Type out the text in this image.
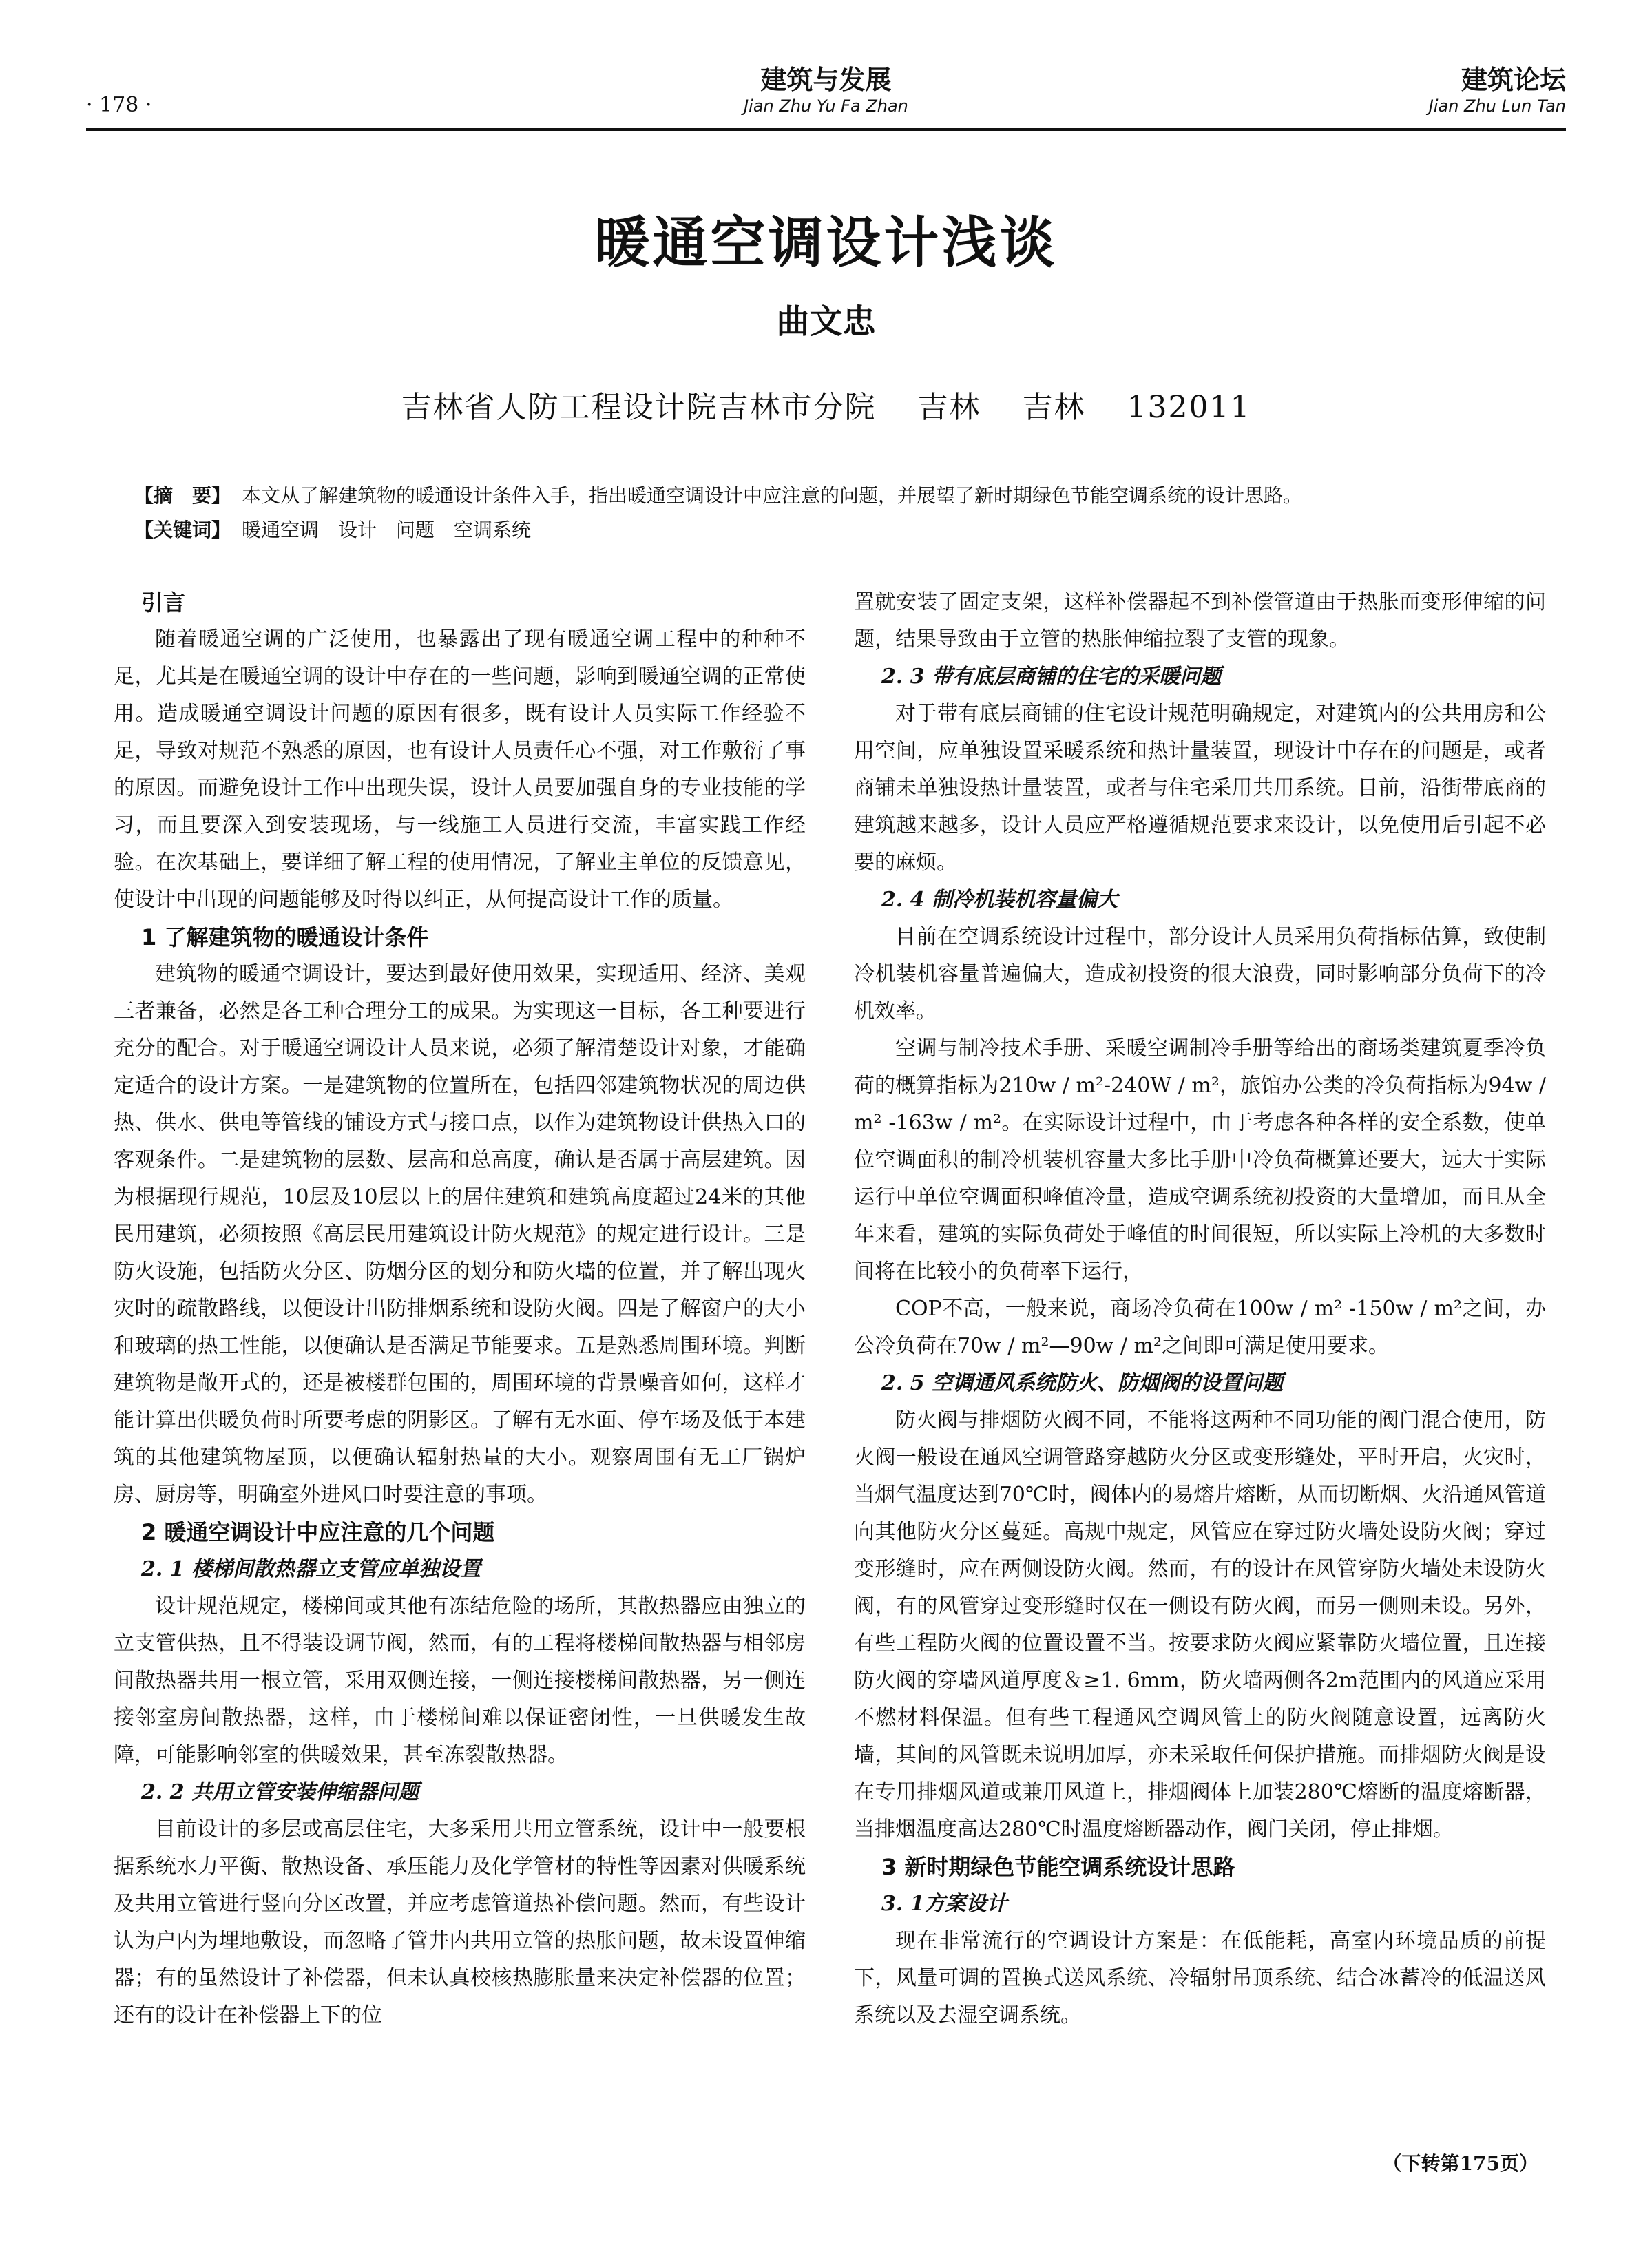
· 178 ·
建筑与发展
Jian Zhu Yu Fa Zhan
建筑论坛
Jian Zhu Lun Tan
暖通空调设计浅谈
曲文忠
吉林省人防工程设计院吉林市分院 吉林 吉林 132011
【摘　要】 本文从了解建筑物的暖通设计条件入手，指出暖通空调设计中应注意的问题，并展望了新时期绿色节能空调系统的设计思路。
【关键词】 暖通空调　设计　问题　空调系统
引言

随着暖通空调的广泛使用，也暴露出了现有暖通空调工程中的种种不足，尤其是在暖通空调的设计中存在的一些问题，影响到暖通空调的正常使用。造成暖通空调设计问题的原因有很多，既有设计人员实际工作经验不足，导致对规范不熟悉的原因，也有设计人员责任心不强，对工作敷衍了事的原因。而避免设计工作中出现失误，设计人员要加强自身的专业技能的学习，而且要深入到安装现场，与一线施工人员进行交流，丰富实践工作经验。在次基础上，要详细了解工程的使用情况，了解业主单位的反馈意见，使设计中出现的问题能够及时得以纠正，从何提高设计工作的质量。

1 了解建筑物的暖通设计条件

建筑物的暖通空调设计，要达到最好使用效果，实现适用、经济、美观三者兼备，必然是各工种合理分工的成果。为实现这一目标，各工种要进行充分的配合。对于暖通空调设计人员来说，必须了解清楚设计对象，才能确定适合的设计方案。一是建筑物的位置所在，包括四邻建筑物状况的周边供热、供水、供电等管线的铺设方式与接口点，以作为建筑物设计供热入口的客观条件。二是建筑物的层数、层高和总高度，确认是否属于高层建筑。因为根据现行规范，10层及10层以上的居住建筑和建筑高度超过24米的其他民用建筑，必须按照《高层民用建筑设计防火规范》的规定进行设计。三是防火设施，包括防火分区、防烟分区的划分和防火墙的位置，并了解出现火灾时的疏散路线，以便设计出防排烟系统和设防火阀。四是了解窗户的大小和玻璃的热工性能，以便确认是否满足节能要求。五是熟悉周围环境。判断建筑物是敞开式的，还是被楼群包围的，周围环境的背景噪音如何，这样才能计算出供暖负荷时所要考虑的阴影区。了解有无水面、停车场及低于本建筑的其他建筑物屋顶，以便确认辐射热量的大小。观察周围有无工厂锅炉房、厨房等，明确室外进风口时要注意的事项。

2 暖通空调设计中应注意的几个问题
2. 1 楼梯间散热器立支管应单独设置

设计规范规定，楼梯间或其他有冻结危险的场所，其散热器应由独立的立支管供热，且不得装设调节阀，然而，有的工程将楼梯间散热器与相邻房间散热器共用一根立管，采用双侧连接，一侧连接楼梯间散热器，另一侧连接邻室房间散热器，这样，由于楼梯间难以保证密闭性，一旦供暖发生故障，可能影响邻室的供暖效果，甚至冻裂散热器。

2. 2 共用立管安装伸缩器问题

目前设计的多层或高层住宅，大多采用共用立管系统，设计中一般要根据系统水力平衡、散热设备、承压能力及化学管材的特性等因素对供暖系统及共用立管进行竖向分区改置，并应考虑管道热补偿问题。然而，有些设计认为户内为埋地敷设，而忽略了管井内共用立管的热胀问题，故未设置伸缩器；有的虽然设计了补偿器，但未认真校核热膨胀量来决定补偿器的位置；还有的设计在补偿器上下的位

置就安装了固定支架，这样补偿器起不到补偿管道由于热胀而变形伸缩的问题，结果导致由于立管的热胀伸缩拉裂了支管的现象。

2. 3 带有底层商铺的住宅的采暖问题

对于带有底层商铺的住宅设计规范明确规定，对建筑内的公共用房和公用空间，应单独设置采暖系统和热计量装置，现设计中存在的问题是，或者商铺未单独设热计量装置，或者与住宅采用共用系统。目前，沿街带底商的建筑越来越多，设计人员应严格遵循规范要求来设计，以免使用后引起不必要的麻烦。

2. 4 制冷机装机容量偏大

目前在空调系统设计过程中，部分设计人员采用负荷指标估算，致使制冷机装机容量普遍偏大，造成初投资的很大浪费，同时影响部分负荷下的冷机效率。

空调与制冷技术手册、采暖空调制冷手册等给出的商场类建筑夏季冷负荷的概算指标为210w / m²-240W / m²，旅馆办公类的冷负荷指标为94w / m² -163w / m²。在实际设计过程中，由于考虑各种各样的安全系数，使单位空调面积的制冷机装机容量大多比手册中冷负荷概算还要大，远大于实际运行中单位空调面积峰值冷量，造成空调系统初投资的大量增加，而且从全年来看，建筑的实际负荷处于峰值的时间很短，所以实际上冷机的大多数时间将在比较小的负荷率下运行，

COP不高，一般来说，商场冷负荷在100w / m² -150w / m²之间，办公冷负荷在70w / m²—90w / m²之间即可满足使用要求。

2. 5 空调通风系统防火、防烟阀的设置问题

防火阀与排烟防火阀不同，不能将这两种不同功能的阀门混合使用，防火阀一般设在通风空调管路穿越防火分区或变形缝处，平时开启，火灾时，当烟气温度达到70℃时，阀体内的易熔片熔断，从而切断烟、火沿通风管道向其他防火分区蔓延。高规中规定，风管应在穿过防火墙处设防火阀；穿过变形缝时，应在两侧设防火阀。然而，有的设计在风管穿防火墙处未设防火阀，有的风管穿过变形缝时仅在一侧设有防火阀，而另一侧则未设。另外，有些工程防火阀的位置设置不当。按要求防火阀应紧靠防火墙位置，且连接防火阀的穿墙风道厚度＆≥1. 6mm，防火墙两侧各2m范围内的风道应采用不燃材料保温。但有些工程通风空调风管上的防火阀随意设置，远离防火墙，其间的风管既未说明加厚，亦未采取任何保护措施。而排烟防火阀是设在专用排烟风道或兼用风道上，排烟阀体上加装280℃熔断的温度熔断器，当排烟温度高达280℃时温度熔断器动作，阀门关闭，停止排烟。

3 新时期绿色节能空调系统设计思路
3. 1方案设计

现在非常流行的空调设计方案是：在低能耗，高室内环境品质的前提下，风量可调的置换式送风系统、冷辐射吊顶系统、结合冰蓄冷的低温送风系统以及去湿空调系统。

（下转第175页）
